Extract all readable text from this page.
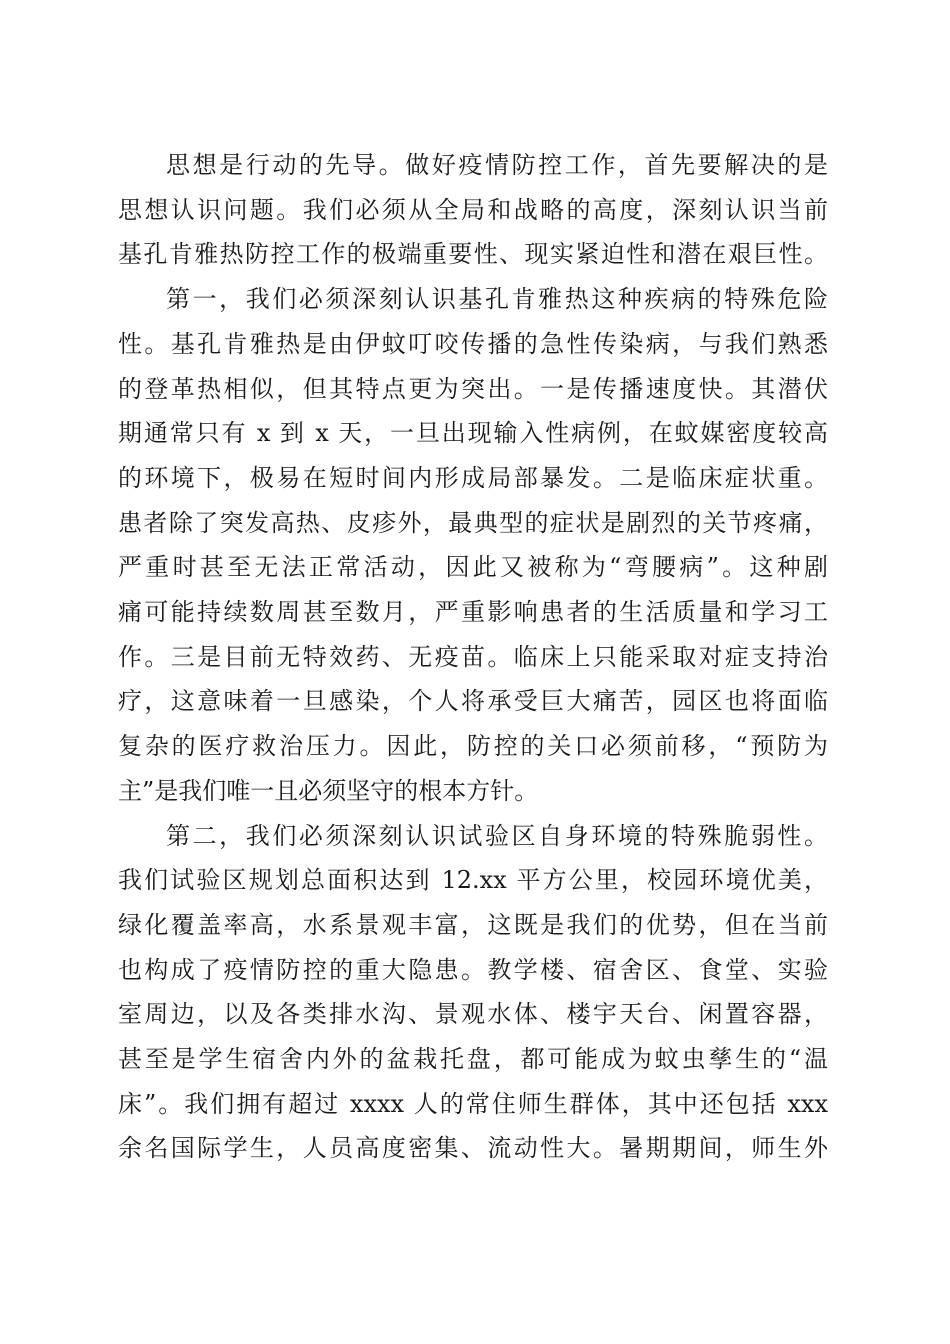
思想是行动的先导。做好疫情防控工作，首先要解决的是
思想认识问题。我们必须从全局和战略的高度，深刻认识当前
基孔肯雅热防控工作的极端重要性、现实紧迫性和潜在艰巨性。
第一，我们必须深刻认识基孔肯雅热这种疾病的特殊危险
性。基孔肯雅热是由伊蚊叮咬传播的急性传染病，与我们熟悉
的登革热相似，但其特点更为突出。一是传播速度快。其潜伏
期通常只有 x 到 x 天，一旦出现输入性病例，在蚊媒密度较高
的环境下，极易在短时间内形成局部暴发。二是临床症状重。
患者除了突发高热、皮疹外，最典型的症状是剧烈的关节疼痛，
严重时甚至无法正常活动，因此又被称为“弯腰病”。这种剧
痛可能持续数周甚至数月，严重影响患者的生活质量和学习工
作。三是目前无特效药、无疫苗。临床上只能采取对症支持治
疗，这意味着一旦感染，个人将承受巨大痛苦，园区也将面临
复杂的医疗救治压力。因此，防控的关口必须前移，“预防为
主”是我们唯一且必须坚守的根本方针。
第二，我们必须深刻认识试验区自身环境的特殊脆弱性。
我们试验区规划总面积达到 12.xx 平方公里，校园环境优美，
绿化覆盖率高，水系景观丰富，这既是我们的优势，但在当前
也构成了疫情防控的重大隐患。教学楼、宿舍区、食堂、实验
室周边，以及各类排水沟、景观水体、楼宇天台、闲置容器，
甚至是学生宿舍内外的盆栽托盘，都可能成为蚊虫孳生的“温
床”。我们拥有超过 xxxx 人的常住师生群体，其中还包括 xxx
余名国际学生，人员高度密集、流动性大。暑期期间，师生外
